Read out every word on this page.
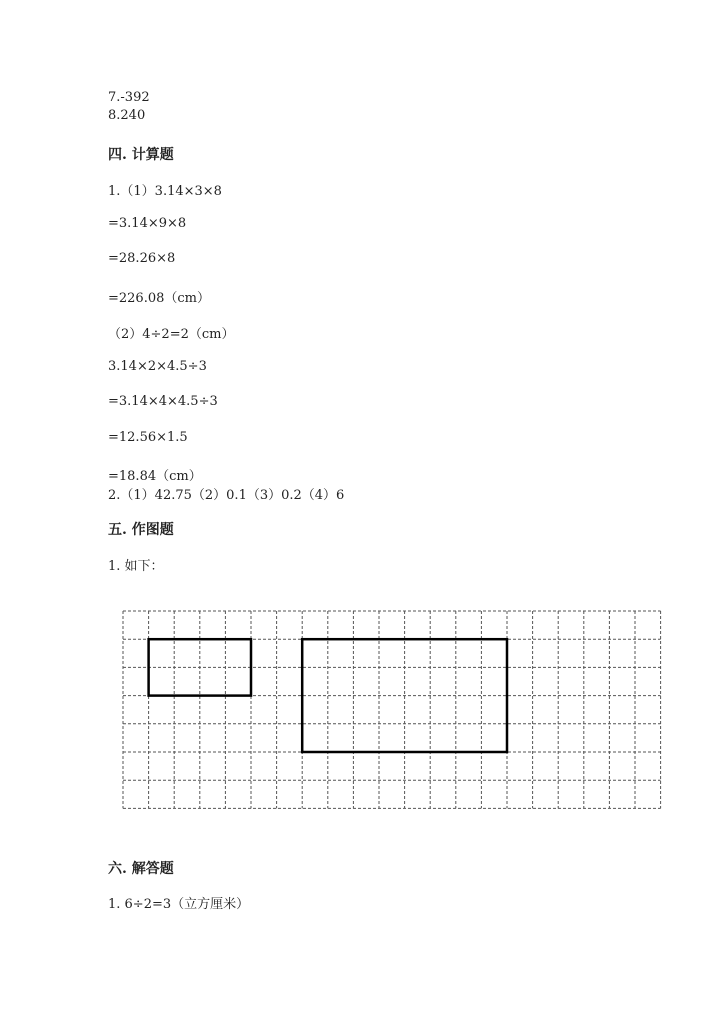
7.-392
8.240
四. 计算题
1.（1）3.14×3×8
=3.14×9×8
=28.26×8
=226.08（cm）
（2）4÷2=2（cm）
3.14×2×4.5÷3
=3.14×4×4.5÷3
=12.56×1.5
=18.84（cm）
2.（1）42.75（2）0.1（3）0.2（4）6
五. 作图题
1. 如下：
六. 解答题
1. 6÷2=3（立方厘米）
